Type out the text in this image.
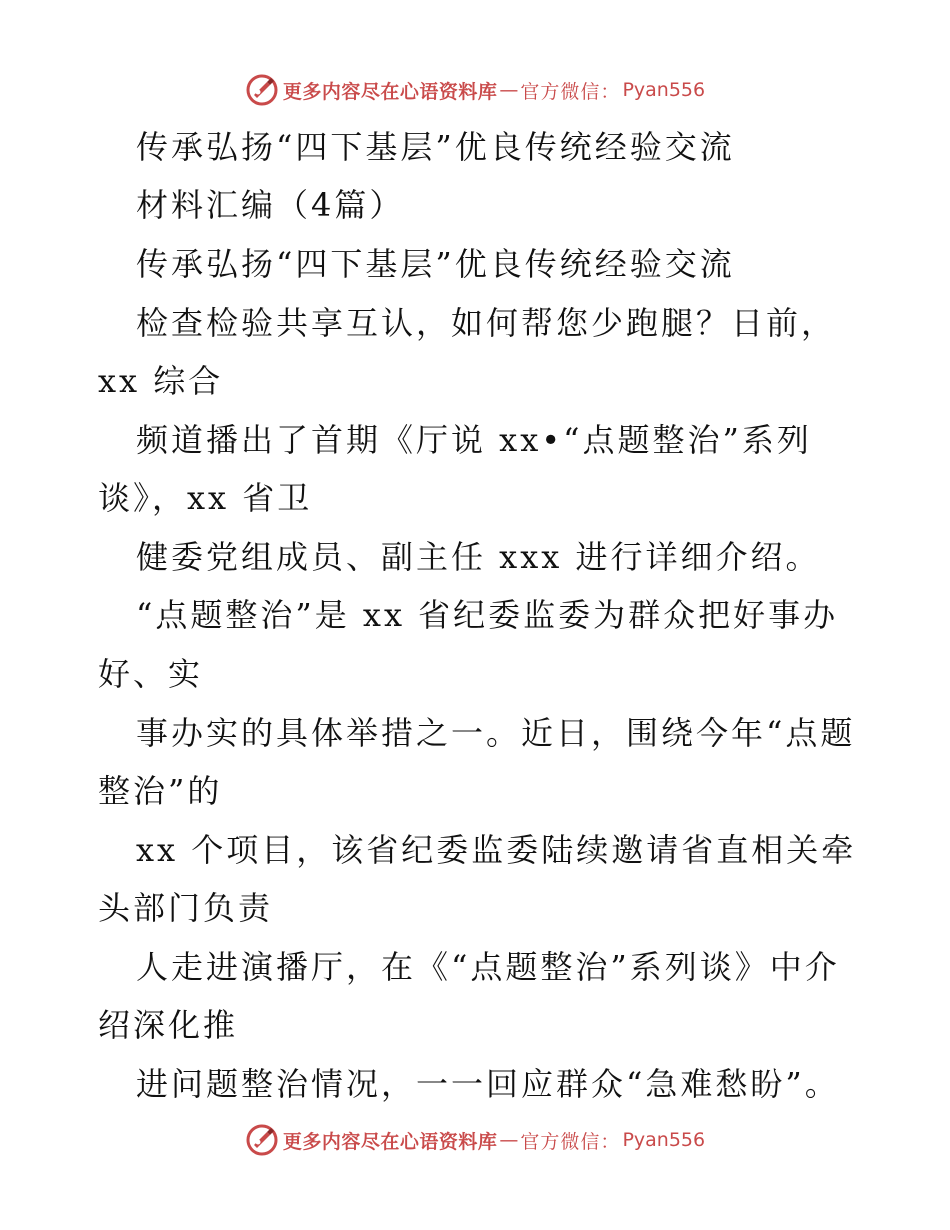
更多内容尽在心语资料库 — 官方微信： Pyan556
传承弘扬“四下基层”优良传统经验交流
材料汇编（4篇）
传承弘扬“四下基层”优良传统经验交流
检查检验共享互认，如何帮您少跑腿？日前，
xx 综合
频道播出了首期《厅说 xx•“点题整治”系列
谈》，xx 省卫
健委党组成员、副主任 xxx 进行详细介绍。
“点题整治”是 xx 省纪委监委为群众把好事办
好、实
事办实的具体举措之一。近日，围绕今年“点题
整治”的
xx 个项目，该省纪委监委陆续邀请省直相关牵
头部门负责
人走进演播厅，在《“点题整治”系列谈》中介
绍深化推
进问题整治情况，一一回应群众“急难愁盼”。
更多内容尽在心语资料库 — 官方微信： Pyan556
